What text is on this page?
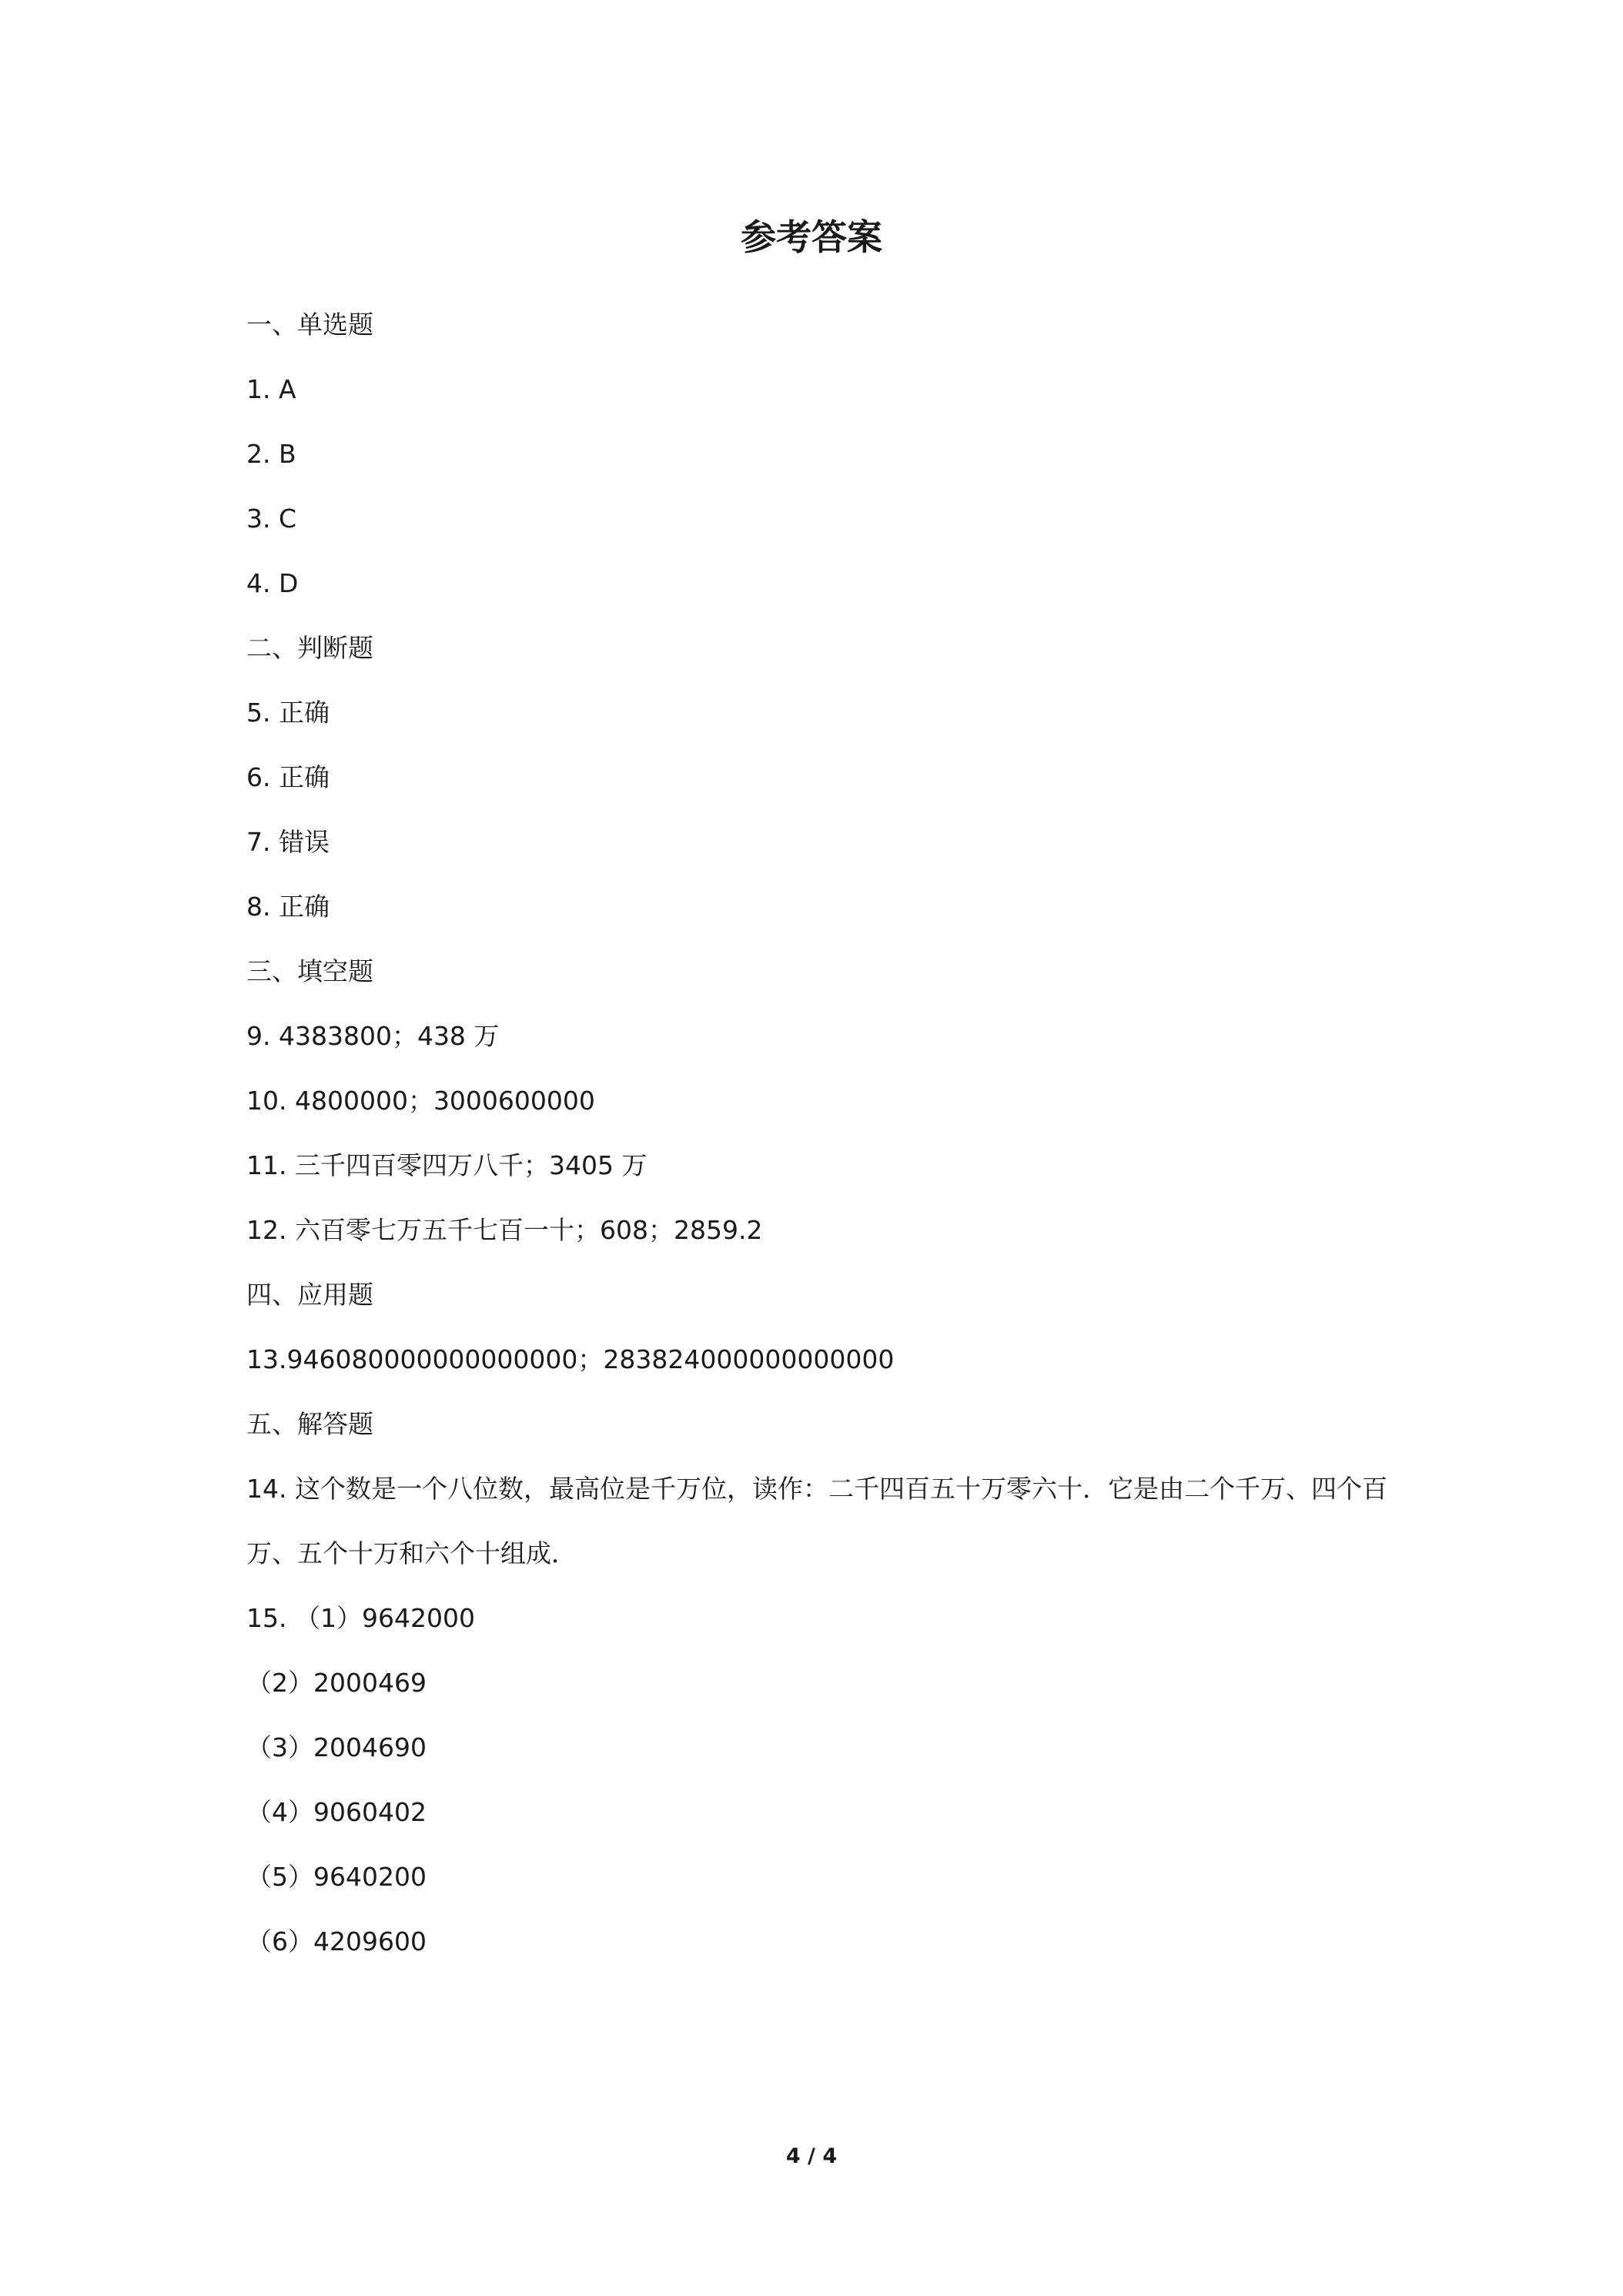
参考答案
一、单选题
1. A
2. B
3. C
4. D
二、判断题
5. 正确
6. 正确
7. 错误
8. 正确
三、填空题
9. 4383800；438 万
10. 4800000；3000600000
11. 三千四百零四万八千；3405 万
12. 六百零七万五千七百一十；608；2859.2
四、应用题
13.946080000000000000；283824000000000000
五、解答题
14. 这个数是一个八位数，最高位是千万位，读作：二千四百五十万零六十．它是由二个千万、四个百万、五个十万和六个十组成．
15. （1）9642000
（2）2000469
（3）2004690
（4）9060402
（5）9640200
（6）4209600
4 / 4
